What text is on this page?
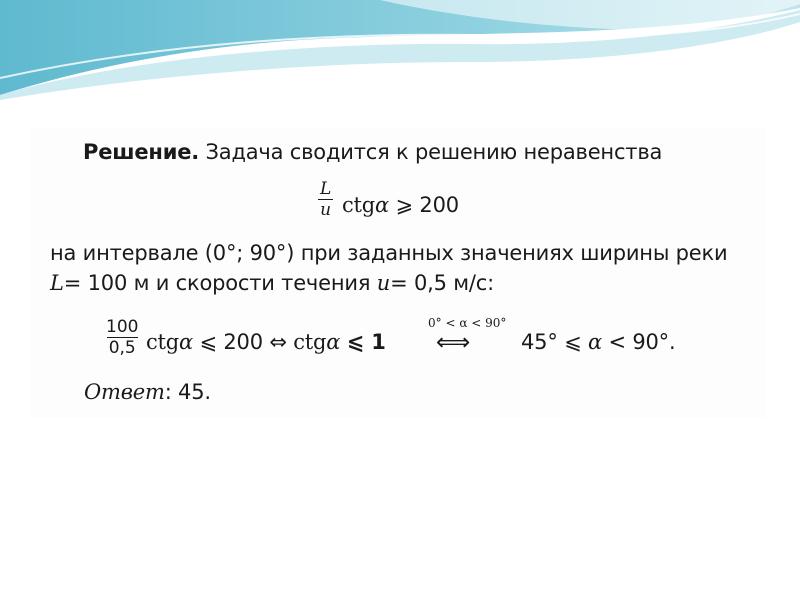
Решение. Задача сводится к решению неравенства
$\frac{L}{u}$ ctgα ⩾ 200
на интервале (0°; 90°) при заданных значениях ширины реки
L= 100 м и скорости течения u= 0,5 м/с:
$\frac{100}{0,5}$ ctgα ⩽ 200 ⇔ ctgα ⩽ 1
0° < α < 90°
⟺ 45° ⩽ α < 90°.
Ответ: 45.
